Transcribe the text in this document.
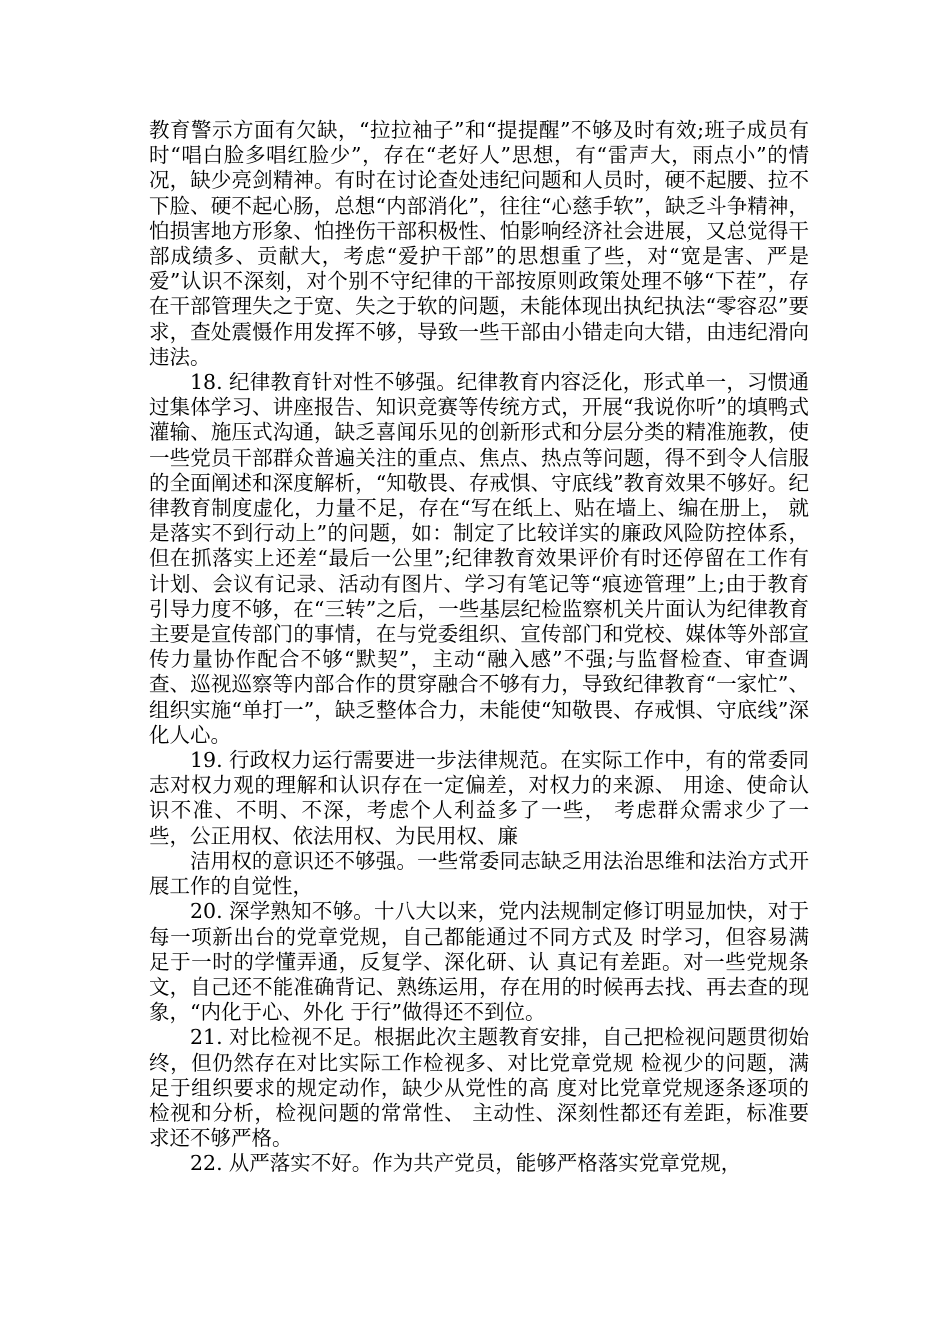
教育警示方面有欠缺，“拉拉袖子”和“提提醒”不够及时有效;班子成员有时“唱白脸多唱红脸少”，存在“老好人”思想，有“雷声大，雨点小”的情况，缺少亮剑精神。有时在讨论查处违纪问题和人员时，硬不起腰、拉不下脸、硬不起心肠，总想“内部消化”，往往“心慈手软”，缺乏斗争精神，怕损害地方形象、怕挫伤干部积极性、怕影响经济社会进展，又总觉得干部成绩多、贡献大，考虑“爱护干部”的思想重了些，对“宽是害、严是爱”认识不深刻，对个别不守纪律的干部按原则政策处理不够“下茬”，存在干部管理失之于宽、失之于软的问题，未能体现出执纪执法“零容忍”要求，查处震慑作用发挥不够，导致一些干部由小错走向大错，由违纪滑向违法。

18. 纪律教育针对性不够强。纪律教育内容泛化，形式单一，习惯通过集体学习、讲座报告、知识竞赛等传统方式，开展“我说你听”的填鸭式灌输、施压式沟通，缺乏喜闻乐见的创新形式和分层分类的精准施教，使一些党员干部群众普遍关注的重点、焦点、热点等问题，得不到令人信服的全面阐述和深度解析，“知敬畏、存戒惧、守底线”教育效果不够好。纪律教育制度虚化，力量不足，存在“写在纸上、贴在墙上、编在册上， 就是落实不到行动上”的问题，如：制定了比较详实的廉政风险防控体系，但在抓落实上还差“最后一公里”;纪律教育效果评价有时还停留在工作有计划、会议有记录、活动有图片、学习有笔记等“痕迹管理”上;由于教育引导力度不够，在“三转”之后，一些基层纪检监察机关片面认为纪律教育主要是宣传部门的事情，在与党委组织、宣传部门和党校、媒体等外部宣传力量协作配合不够“默契”，主动“融入感”不强;与监督检查、审查调查、巡视巡察等内部合作的贯穿融合不够有力，导致纪律教育“一家忙”、组织实施“单打一”，缺乏整体合力，未能使“知敬畏、存戒惧、守底线”深化人心。

19. 行政权力运行需要进一步法律规范。在实际工作中，有的常委同志对权力观的理解和认识存在一定偏差，对权力的来源、 用途、使命认识不准、不明、不深，考虑个人利益多了一些， 考虑群众需求少了一些，公正用权、依法用权、为民用权、廉

洁用权的意识还不够强。一些常委同志缺乏用法治思维和法治方式开展工作的自觉性，

20. 深学熟知不够。十八大以来，党内法规制定修订明显加快，对于每一项新出台的党章党规，自己都能通过不同方式及 时学习，但容易满足于一时的学懂弄通，反复学、深化研、认 真记有差距。对一些党规条文，自己还不能准确背记、熟练运用，存在用的时候再去找、再去查的现象，“内化于心、外化 于行”做得还不到位。

21. 对比检视不足。根据此次主题教育安排，自己把检视问题贯彻始终，但仍然存在对比实际工作检视多、对比党章党规 检视少的问题，满足于组织要求的规定动作，缺少从党性的高 度对比党章党规逐条逐项的检视和分析，检视问题的常常性、 主动性、深刻性都还有差距，标准要求还不够严格。

22. 从严落实不好。作为共产党员，能够严格落实党章党规，
